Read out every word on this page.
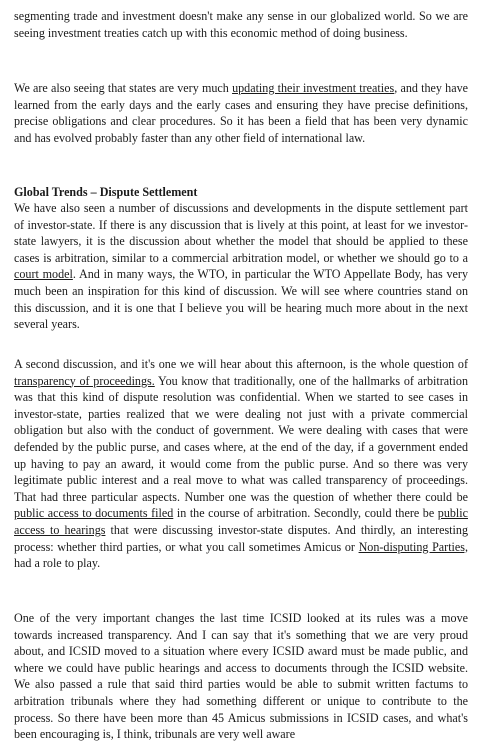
segmenting trade and investment doesn't make any sense in our globalized world. So we are seeing investment treaties catch up with this economic method of doing business.

We are also seeing that states are very much updating their investment treaties, and they have learned from the early days and the early cases and ensuring they have precise definitions, precise obligations and clear procedures. So it has been a field that has been very dynamic and has evolved probably faster than any other field of international law.

Global Trends – Dispute Settlement

We have also seen a number of discussions and developments in the dispute settlement part of investor-state. If there is any discussion that is lively at this point, at least for we investor-state lawyers, it is the discussion about whether the model that should be applied to these cases is arbitration, similar to a commercial arbitration model, or whether we should go to a court model. And in many ways, the WTO, in particular the WTO Appellate Body, has very much been an inspiration for this kind of discussion. We will see where countries stand on this discussion, and it is one that I believe you will be hearing much more about in the next several years.

A second discussion, and it's one we will hear about this afternoon, is the whole question of transparency of proceedings. You know that traditionally, one of the hallmarks of arbitration was that this kind of dispute resolution was confidential. When we started to see cases in investor-state, parties realized that we were dealing not just with a private commercial obligation but also with the conduct of government. We were dealing with cases that were defended by the public purse, and cases where, at the end of the day, if a government ended up having to pay an award, it would come from the public purse. And so there was very legitimate public interest and a real move to what was called transparency of proceedings. That had three particular aspects. Number one was the question of whether there could be public access to documents filed in the course of arbitration. Secondly, could there be public access to hearings that were discussing investor-state disputes. And thirdly, an interesting process: whether third parties, or what you call sometimes Amicus or Non-disputing Parties, had a role to play.

One of the very important changes the last time ICSID looked at its rules was a move towards increased transparency. And I can say that it's something that we are very proud about, and ICSID moved to a situation where every ICSID award must be made public, and where we could have public hearings and access to documents through the ICSID website. We also passed a rule that said third parties would be able to submit written factums to arbitration tribunals where they had something different or unique to contribute to the process. So there have been more than 45 Amicus submissions in ICSID cases, and what's been encouraging is, I think, tribunals are very well aware
